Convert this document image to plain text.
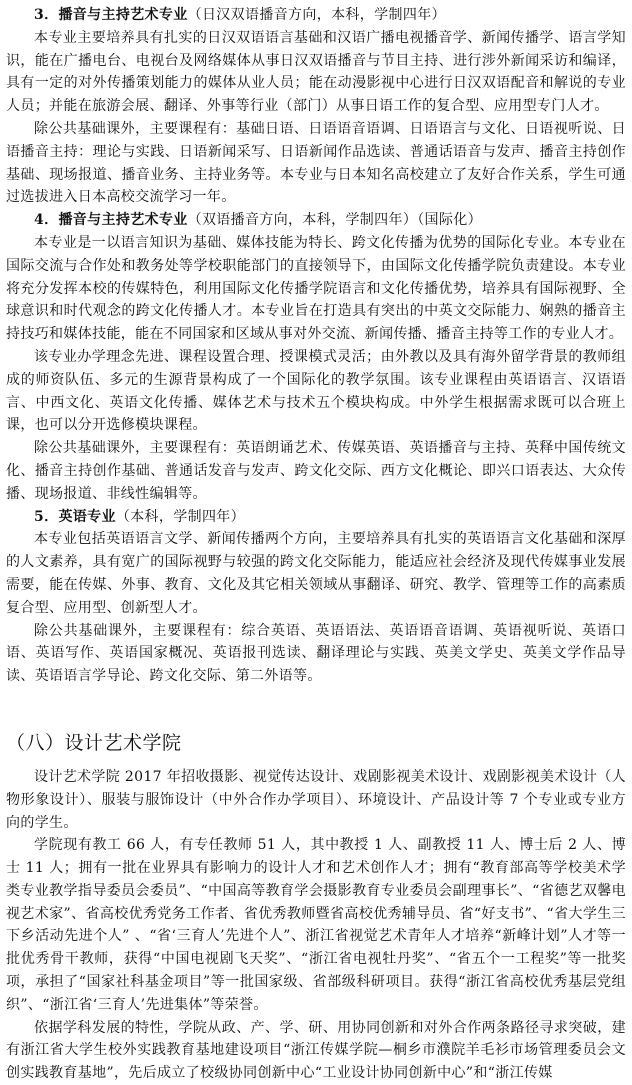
3．播音与主持艺术专业（日汉双语播音方向，本科，学制四年）

本专业主要培养具有扎实的日汉双语语言基础和汉语广播电视播音学、新闻传播学、语言学知识，能在广播电台、电视台及网络媒体从事日汉双语播音与节目主持、进行涉外新闻采访和编译，具有一定的对外传播策划能力的媒体从业人员；能在动漫影视中心进行日汉双语配音和解说的专业人员；并能在旅游会展、翻译、外事等行业（部门）从事日语工作的复合型、应用型专门人才。

除公共基础课外，主要课程有：基础日语、日语语音语调、日语语言与文化、日语视听说、日语播音主持：理论与实践、日语新闻采写、日语新闻作品选读、普通话语音与发声、播音主持创作基础、现场报道、播音业务、主持业务等。本专业与日本知名高校建立了友好合作关系，学生可通过选拔进入日本高校交流学习一年。

4．播音与主持艺术专业（双语播音方向，本科，学制四年）（国际化）

本专业是一以语言知识为基础、媒体技能为特长、跨文化传播为优势的国际化专业。本专业在国际交流与合作处和教务处等学校职能部门的直接领导下，由国际文化传播学院负责建设。本专业将充分发挥本校的传媒特色，利用国际文化传播学院语言和文化传播优势，培养具有国际视野、全球意识和时代观念的跨文化传播人才。本专业旨在打造具有突出的中英文交际能力、娴熟的播音主持技巧和媒体技能，能在不同国家和区域从事对外交流、新闻传播、播音主持等工作的专业人才。

该专业办学理念先进、课程设置合理、授课模式灵活；由外教以及具有海外留学背景的教师组成的师资队伍、多元的生源背景构成了一个国际化的教学氛围。该专业课程由英语语言、汉语语言、中西文化、英语文化传播、媒体艺术与技术五个模块构成。中外学生根据需求既可以合班上课，也可以分开选修模块课程。

除公共基础课外，主要课程有：英语朗诵艺术、传媒英语、英语播音与主持、英释中国传统文化、播音主持创作基础、普通话发音与发声、跨文化交际、西方文化概论、即兴口语表达、大众传播、现场报道、非线性编辑等。

5．英语专业（本科，学制四年）

本专业包括英语语言文学、新闻传播两个方向，主要培养具有扎实的英语语言文化基础和深厚的人文素养，具有宽广的国际视野与较强的跨文化交际能力，能适应社会经济及现代传媒事业发展需要，能在传媒、外事、教育、文化及其它相关领域从事翻译、研究、教学、管理等工作的高素质复合型、应用型、创新型人才。

除公共基础课外，主要课程有：综合英语、英语语法、英语语音语调、英语视听说、英语口语、英语写作、英语国家概况、英语报刊选读、翻译理论与实践、英美文学史、英美文学作品导读、英语语言学导论、跨文化交际、第二外语等。

（八）设计艺术学院

设计艺术学院 2017 年招收摄影、视觉传达设计、戏剧影视美术设计、戏剧影视美术设计（人物形象设计）、服装与服饰设计（中外合作办学项目）、环境设计、产品设计等 7 个专业或专业方向的学生。

学院现有教工 66 人，有专任教师 51 人，其中教授 1 人、副教授 11 人、博士后 2 人、博士 11 人；拥有一批在业界具有影响力的设计人才和艺术创作人才；拥有“教育部高等学校美术学类专业教学指导委员会委员”、“中国高等教育学会摄影教育专业委员会副理事长”、“省德艺双馨电视艺术家”、省高校优秀党务工作者、省优秀教师暨省高校优秀辅导员、省“好支书”、“省大学生三下乡活动先进个人” 、“省‘三育人’先进个人”、浙江省视觉艺术青年人才培养“新峰计划”人才等一批优秀骨干教师，获得“中国电视剧飞天奖”、“浙江省电视牡丹奖”、“省五个一工程奖”等一批奖项，承担了“国家社科基金项目”等一批国家级、省部级科研项目。获得“浙江省高校优秀基层党组织”、“浙江省‘三育人’先进集体”等荣誉。

依据学科发展的特性，学院从政、产、学、研、用协同创新和对外合作两条路径寻求突破，建有浙江省大学生校外实践教育基地建设项目“浙江传媒学院—桐乡市濮院羊毛衫市场管理委员会文创实践教育基地”，先后成立了校级协同创新中心“工业设计协同创新中心”和“浙江传媒
